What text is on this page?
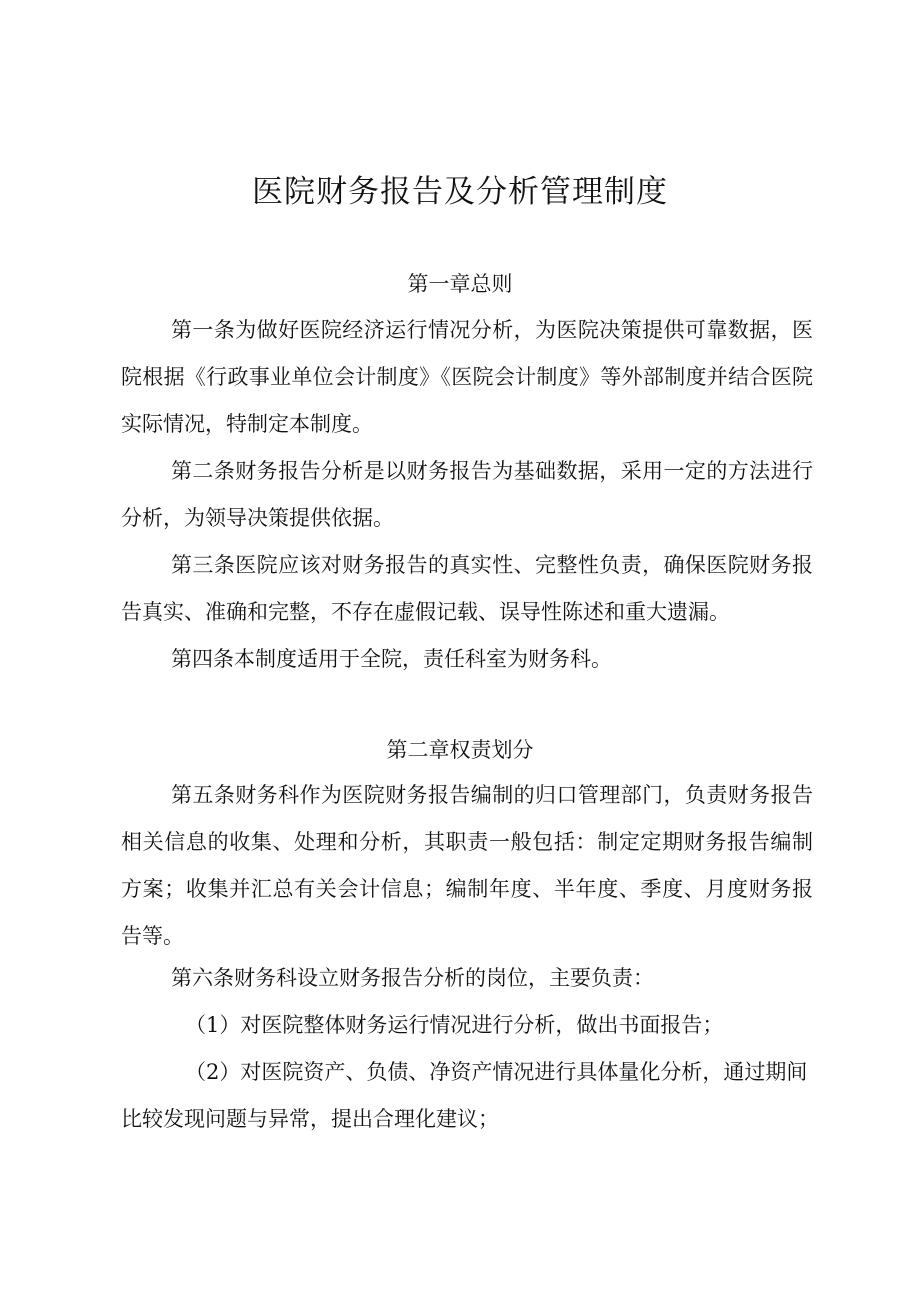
医院财务报告及分析管理制度
第一章总则

第一条为做好医院经济运行情况分析，为医院决策提供可靠数据，医院根据《行政事业单位会计制度》《医院会计制度》等外部制度并结合医院实际情况，特制定本制度。

第二条财务报告分析是以财务报告为基础数据，采用一定的方法进行分析，为领导决策提供依据。

第三条医院应该对财务报告的真实性、完整性负责，确保医院财务报告真实、准确和完整，不存在虚假记载、误导性陈述和重大遗漏。

第四条本制度适用于全院，责任科室为财务科。

第二章权责划分

第五条财务科作为医院财务报告编制的归口管理部门，负责财务报告相关信息的收集、处理和分析，其职责一般包括：制定定期财务报告编制方案；收集并汇总有关会计信息；编制年度、半年度、季度、月度财务报告等。

第六条财务科设立财务报告分析的岗位，主要负责：

（1）对医院整体财务运行情况进行分析，做出书面报告；

（2）对医院资产、负债、净资产情况进行具体量化分析，通过期间比较发现问题与异常，提出合理化建议；
